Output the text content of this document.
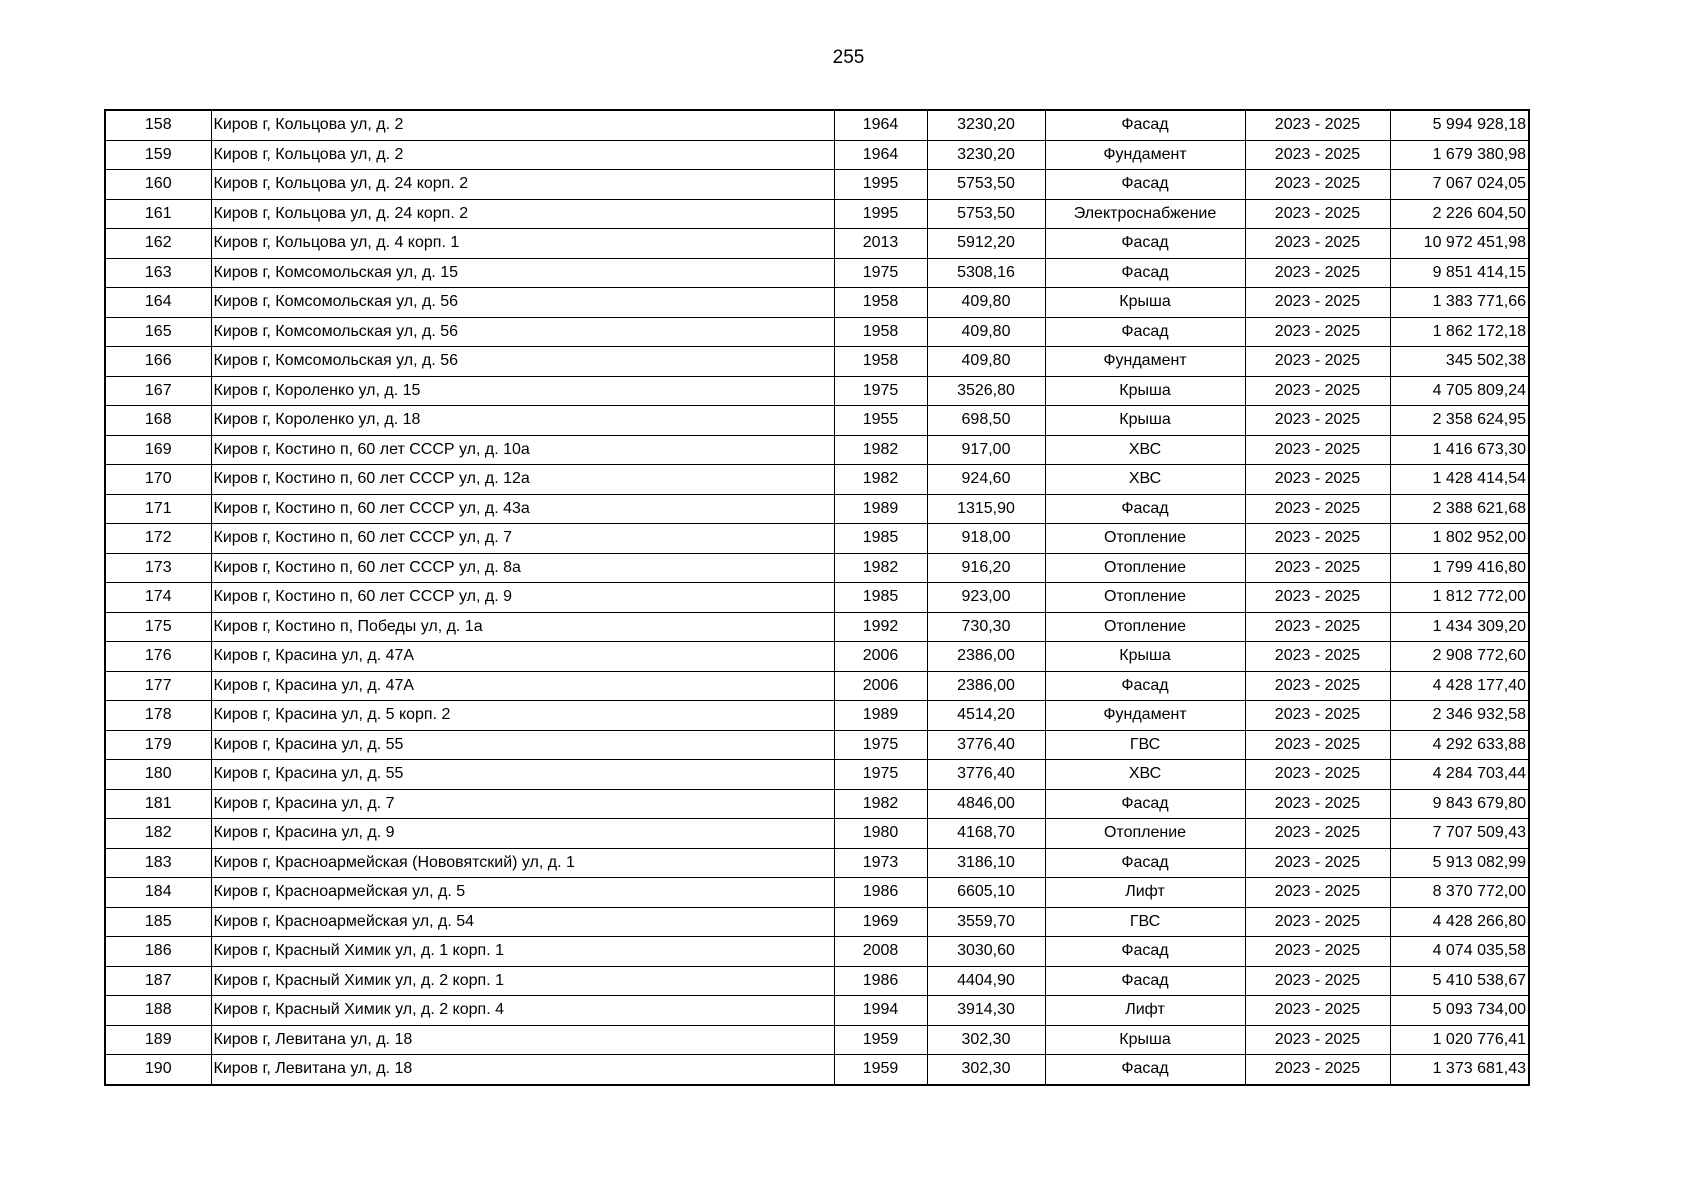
255
158	Киров г, Кольцова ул, д. 2	1964	3230,20	Фасад	2023 - 2025	5 994 928,18
159	Киров г, Кольцова ул, д. 2	1964	3230,20	Фундамент	2023 - 2025	1 679 380,98
160	Киров г, Кольцова ул, д. 24 корп. 2	1995	5753,50	Фасад	2023 - 2025	7 067 024,05
161	Киров г, Кольцова ул, д. 24 корп. 2	1995	5753,50	Электроснабжение	2023 - 2025	2 226 604,50
162	Киров г, Кольцова ул, д. 4 корп. 1	2013	5912,20	Фасад	2023 - 2025	10 972 451,98
163	Киров г, Комсомольская ул, д. 15	1975	5308,16	Фасад	2023 - 2025	9 851 414,15
164	Киров г, Комсомольская ул, д. 56	1958	409,80	Крыша	2023 - 2025	1 383 771,66
165	Киров г, Комсомольская ул, д. 56	1958	409,80	Фасад	2023 - 2025	1 862 172,18
166	Киров г, Комсомольская ул, д. 56	1958	409,80	Фундамент	2023 - 2025	345 502,38
167	Киров г, Короленко ул, д. 15	1975	3526,80	Крыша	2023 - 2025	4 705 809,24
168	Киров г, Короленко ул, д. 18	1955	698,50	Крыша	2023 - 2025	2 358 624,95
169	Киров г, Костино п, 60 лет СССР ул, д. 10а	1982	917,00	ХВС	2023 - 2025	1 416 673,30
170	Киров г, Костино п, 60 лет СССР ул, д. 12а	1982	924,60	ХВС	2023 - 2025	1 428 414,54
171	Киров г, Костино п, 60 лет СССР ул, д. 43а	1989	1315,90	Фасад	2023 - 2025	2 388 621,68
172	Киров г, Костино п, 60 лет СССР ул, д. 7	1985	918,00	Отопление	2023 - 2025	1 802 952,00
173	Киров г, Костино п, 60 лет СССР ул, д. 8а	1982	916,20	Отопление	2023 - 2025	1 799 416,80
174	Киров г, Костино п, 60 лет СССР ул, д. 9	1985	923,00	Отопление	2023 - 2025	1 812 772,00
175	Киров г, Костино п, Победы ул, д. 1а	1992	730,30	Отопление	2023 - 2025	1 434 309,20
176	Киров г, Красина ул, д. 47А	2006	2386,00	Крыша	2023 - 2025	2 908 772,60
177	Киров г, Красина ул, д. 47А	2006	2386,00	Фасад	2023 - 2025	4 428 177,40
178	Киров г, Красина ул, д. 5 корп. 2	1989	4514,20	Фундамент	2023 - 2025	2 346 932,58
179	Киров г, Красина ул, д. 55	1975	3776,40	ГВС	2023 - 2025	4 292 633,88
180	Киров г, Красина ул, д. 55	1975	3776,40	ХВС	2023 - 2025	4 284 703,44
181	Киров г, Красина ул, д. 7	1982	4846,00	Фасад	2023 - 2025	9 843 679,80
182	Киров г, Красина ул, д. 9	1980	4168,70	Отопление	2023 - 2025	7 707 509,43
183	Киров г, Красноармейская (Нововятский) ул, д. 1	1973	3186,10	Фасад	2023 - 2025	5 913 082,99
184	Киров г, Красноармейская ул, д. 5	1986	6605,10	Лифт	2023 - 2025	8 370 772,00
185	Киров г, Красноармейская ул, д. 54	1969	3559,70	ГВС	2023 - 2025	4 428 266,80
186	Киров г, Красный Химик ул, д. 1 корп. 1	2008	3030,60	Фасад	2023 - 2025	4 074 035,58
187	Киров г, Красный Химик ул, д. 2 корп. 1	1986	4404,90	Фасад	2023 - 2025	5 410 538,67
188	Киров г, Красный Химик ул, д. 2 корп. 4	1994	3914,30	Лифт	2023 - 2025	5 093 734,00
189	Киров г, Левитана ул, д. 18	1959	302,30	Крыша	2023 - 2025	1 020 776,41
190	Киров г, Левитана ул, д. 18	1959	302,30	Фасад	2023 - 2025	1 373 681,43
